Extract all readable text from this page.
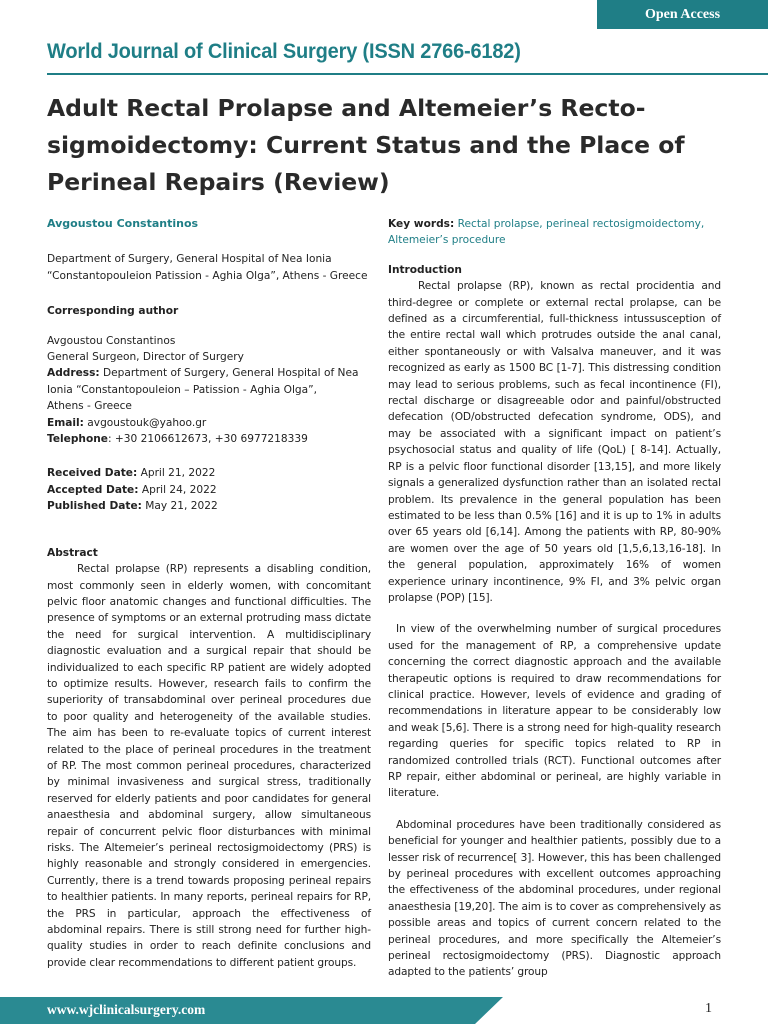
Open Access
World Journal of Clinical Surgery (ISSN 2766-6182)
Adult Rectal Prolapse and Altemeier’s Recto-sigmoidectomy: Current Status and the Place of Perineal Repairs (Review)
Avgoustou Constantinos
Department of Surgery, General Hospital of Nea Ionia
“Constantopouleion Patission - Aghia Olga”, Athens - Greece
Corresponding author
Avgoustou Constantinos
General Surgeon, Director of Surgery
Address: Department of Surgery, General Hospital of Nea
Ionia “Constantopouleion – Patission - Aghia Olga”,
Athens - Greece
Email: avgoustouk@yahoo.gr
Telephone: +30 2106612673, +30 6977218339
Received Date: April 21, 2022
Accepted Date: April 24, 2022
Published Date: May 21, 2022
Abstract

Rectal prolapse (RP) represents a disabling condition, most commonly seen in elderly women, with concomitant pelvic floor anatomic changes and functional difficulties. The presence of symptoms or an external protruding mass dictate the need for surgical intervention. A multidisciplinary diagnostic evaluation and a surgical repair that should be individualized to each specific RP patient are widely adopted to optimize results. However, research fails to confirm the superiority of transabdominal over perineal procedures due to poor quality and heterogeneity of the available studies. The aim has been to re-evaluate topics of current interest related to the place of perineal procedures in the treatment of RP. The most common perineal procedures, characterized by minimal invasiveness and surgical stress, traditionally reserved for elderly patients and poor candidates for general anaesthesia and abdominal surgery, allow simultaneous repair of concurrent pelvic floor disturbances with minimal risks. The Altemeier’s perineal rectosigmoidectomy (PRS) is highly reasonable and strongly considered in emergencies. Currently, there is a trend towards proposing perineal repairs to healthier patients. In many reports, perineal repairs for RP, the PRS in particular, approach the effectiveness of abdominal repairs. There is still strong need for further high-quality studies in order to reach definite conclusions and provide clear recommendations to different patient groups.

Key words: Rectal prolapse, perineal rectosigmoidectomy, Altemeier’s procedure
Introduction

Rectal prolapse (RP), known as rectal procidentia and third-degree or complete or external rectal prolapse, can be defined as a circumferential, full-thickness intussusception of the entire rectal wall which protrudes outside the anal canal, either spontaneously or with Valsalva maneuver, and it was recognized as early as 1500 BC [1-7]. This distressing condition may lead to serious problems, such as fecal incontinence (FI), rectal discharge or disagreeable odor and painful/obstructed defecation (OD/obstructed defecation syndrome, ODS), and may be associated with a significant impact on patient’s psychosocial status and quality of life (QoL) [ 8-14]. Actually, RP is a pelvic floor functional disorder [13,15], and more likely signals a generalized dysfunction rather than an isolated rectal problem. Its prevalence in the general population has been estimated to be less than 0.5% [16] and it is up to 1% in adults over 65 years old [6,14]. Among the patients with RP, 80-90% are women over the age of 50 years old [1,5,6,13,16-18]. In the general population, approximately 16% of women experience urinary incontinence, 9% FI, and 3% pelvic organ prolapse (POP) [15].

In view of the overwhelming number of surgical procedures used for the management of RP, a comprehensive update concerning the correct diagnostic approach and the available therapeutic options is required to draw recommendations for clinical practice. However, levels of evidence and grading of recommendations in literature appear to be considerably low and weak [5,6]. There is a strong need for high-quality research regarding queries for specific topics related to RP in randomized controlled trials (RCT). Functional outcomes after RP repair, either abdominal or perineal, are highly variable in literature.

Abdominal procedures have been traditionally considered as beneficial for younger and healthier patients, possibly due to a lesser risk of recurrence[ 3]. However, this has been challenged by perineal procedures with excellent outcomes approaching the effectiveness of the abdominal procedures, under regional anaesthesia [19,20]. The aim is to cover as comprehensively as possible areas and topics of current concern related to the perineal procedures, and more specifically the Altemeier’s perineal rectosigmoidectomy (PRS). Diagnostic approach adapted to the patients’ group

www.wjclinicalsurgery.com	1
